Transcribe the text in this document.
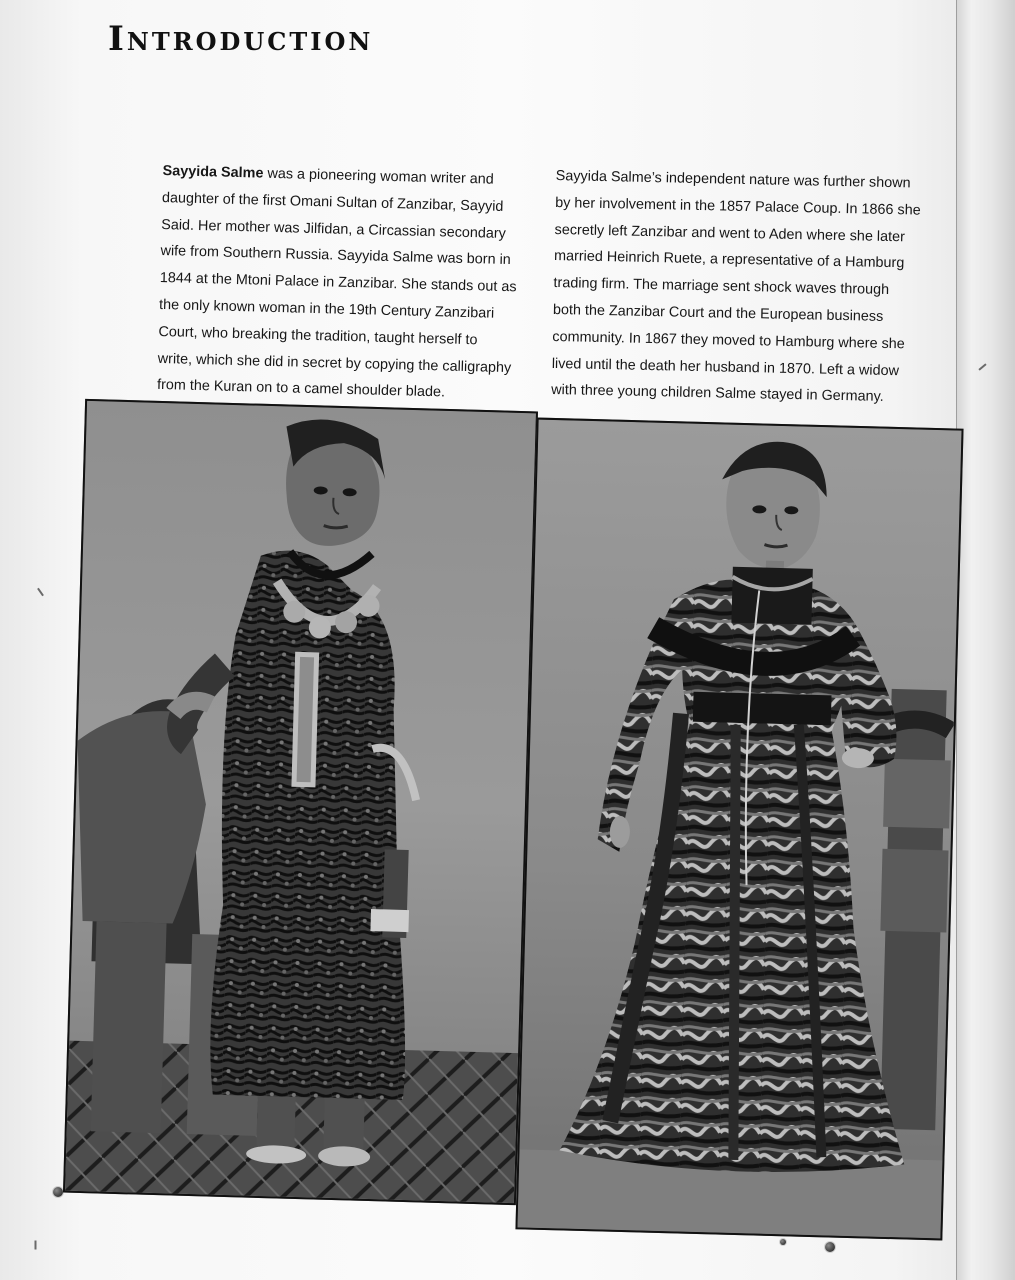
Introduction
Sayyida Salme was a pioneering woman writer and
daughter of the first Omani Sultan of Zanzibar, Sayyid
Said. Her mother was Jilfidan, a Circassian secondary
wife from Southern Russia. Sayyida Salme was born in
1844 at the Mtoni Palace in Zanzibar. She stands out as
the only known woman in the 19th Century Zanzibari
Court, who breaking the tradition, taught herself to
write, which she did in secret by copying the calligraphy
from the Kuran on to a camel shoulder blade.
Sayyida Salme’s independent nature was further shown
by her involvement in the 1857 Palace Coup. In 1866 she
secretly left Zanzibar and went to Aden where she later
married Heinrich Ruete, a representative of a Hamburg
trading firm. The marriage sent shock waves through
both the Zanzibar Court and the European business
community. In 1867 they moved to Hamburg where she
lived until the death her husband in 1870. Left a widow
with three young children Salme stayed in Germany.
